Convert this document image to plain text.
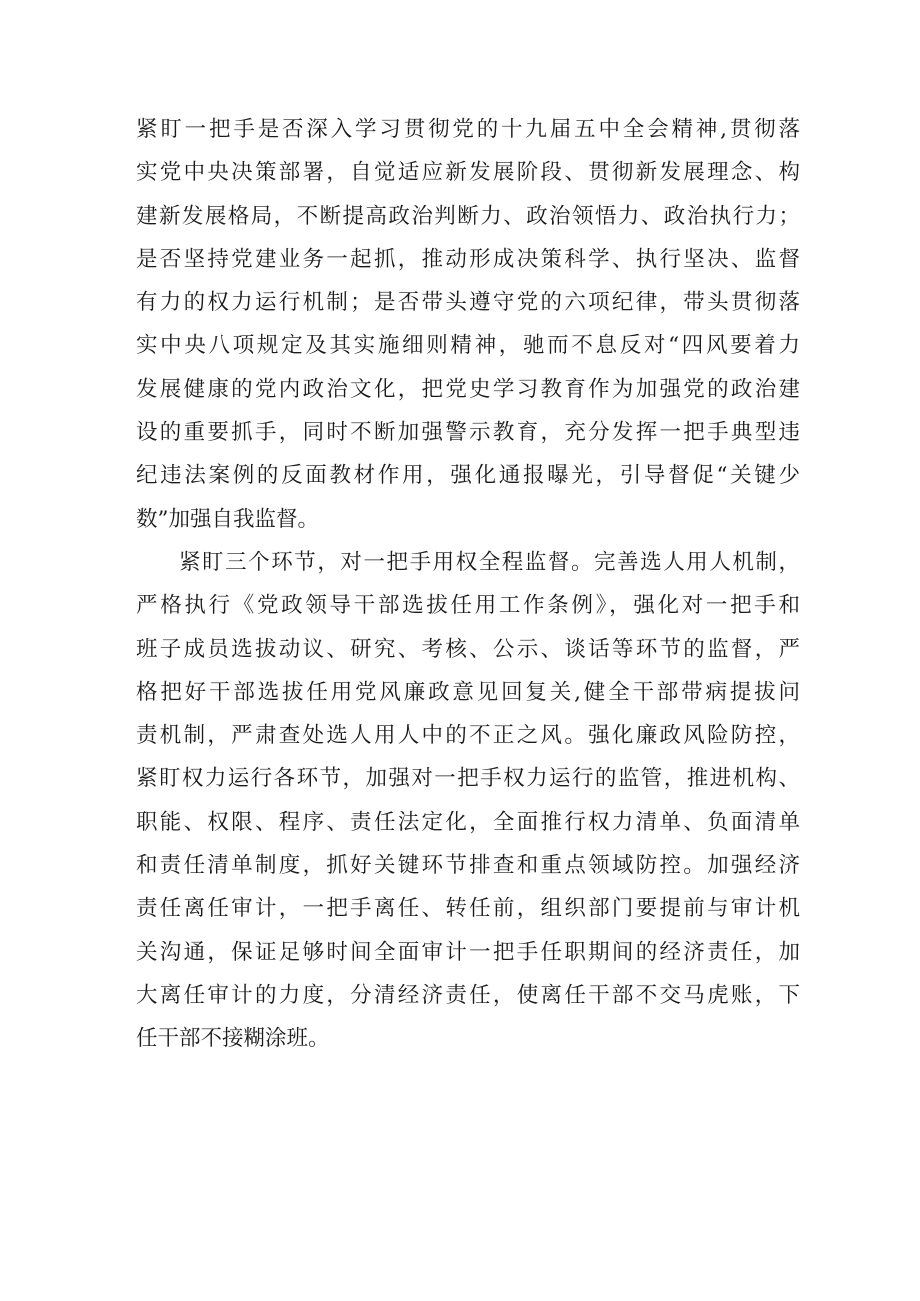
紧盯一把手是否深入学习贯彻党的十九届五中全会精神,贯彻落
实党中央决策部署，自觉适应新发展阶段、贯彻新发展理念、构
建新发展格局，不断提高政治判断力、政治领悟力、政治执行力；
是否坚持党建业务一起抓，推动形成决策科学、执行坚决、监督
有力的权力运行机制；是否带头遵守党的六项纪律，带头贯彻落
实中央八项规定及其实施细则精神，驰而不息反对“四风要着力
发展健康的党内政治文化，把党史学习教育作为加强党的政治建
设的重要抓手，同时不断加强警示教育，充分发挥一把手典型违
纪违法案例的反面教材作用，强化通报曝光，引导督促“关键少
数”加强自我监督。
紧盯三个环节，对一把手用权全程监督。完善选人用人机制，
严格执行《党政领导干部选拔任用工作条例》，强化对一把手和
班子成员选拔动议、研究、考核、公示、谈话等环节的监督，严
格把好干部选拔任用党风廉政意见回复关,健全干部带病提拔问
责机制，严肃查处选人用人中的不正之风。强化廉政风险防控，
紧盯权力运行各环节，加强对一把手权力运行的监管，推进机构、
职能、权限、程序、责任法定化，全面推行权力清单、负面清单
和责任清单制度，抓好关键环节排查和重点领域防控。加强经济
责任离任审计，一把手离任、转任前，组织部门要提前与审计机
关沟通，保证足够时间全面审计一把手任职期间的经济责任，加
大离任审计的力度，分清经济责任，使离任干部不交马虎账，下
任干部不接糊涂班。
